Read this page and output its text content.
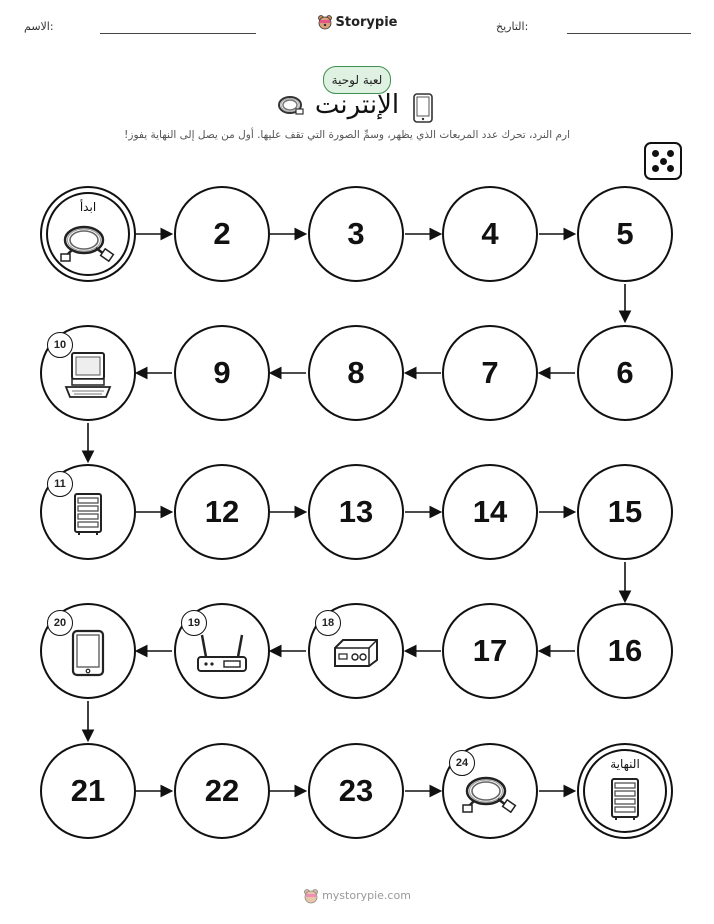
الاسم:	Storypie	التاريخ:
لعبة لوحية
الإنترنت
ارم النرد، تحرك عدد المربعات الذي يظهر، وسمِّ الصورة التي تقف عليها. أول من يصل إلى النهاية يفوز!
ابدأ
2	3	4	5
6
7
8
9
10
11
12	13	14	15
16
17
18
19
20
21	22	23
24	النهاية
mystorypie.com
